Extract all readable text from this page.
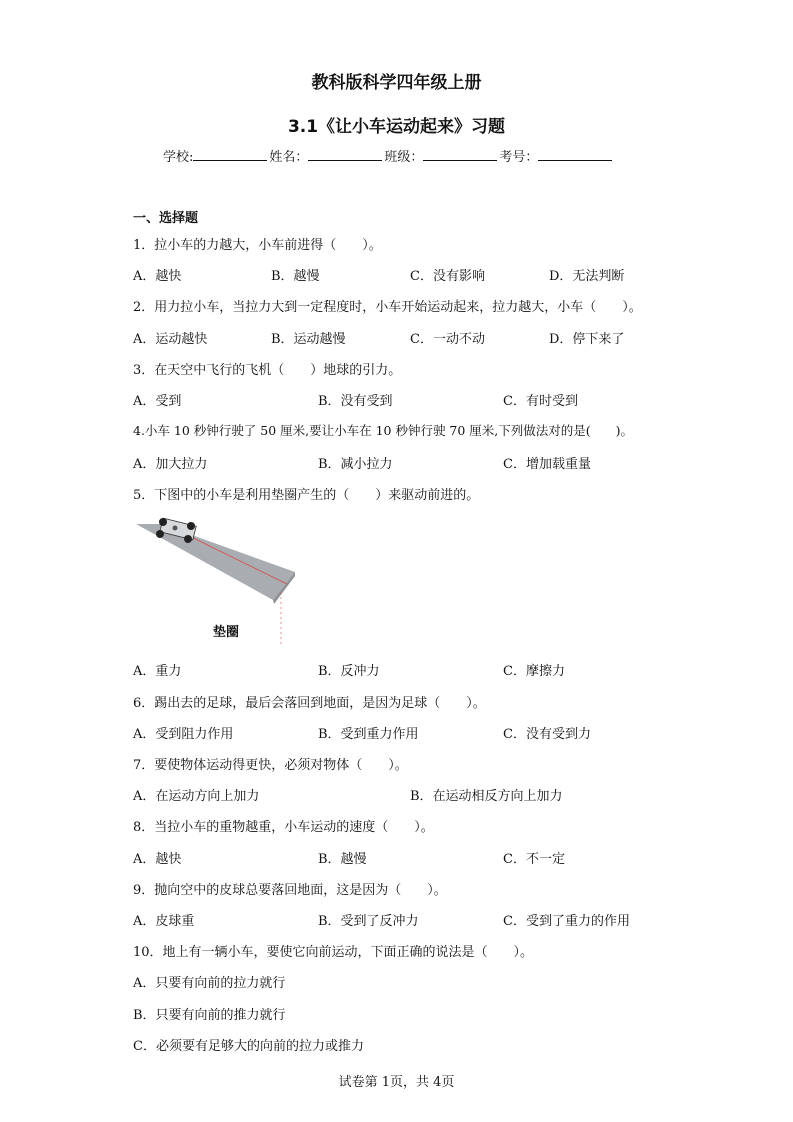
教科版科学四年级上册
3.1《让小车运动起来》习题
学校:	姓名：	班级：	考号：
一、选择题
1．拉小车的力越大，小车前进得（　　）。
A．越快	B．越慢	C．没有影响	D．无法判断
2．用力拉小车，当拉力大到一定程度时，小车开始运动起来，拉力越大，小车（　　）。
A．运动越快	B．运动越慢	C．一动不动	D．停下来了
3．在天空中飞行的飞机（　　）地球的引力。
A．受到	B．没有受到	C．有时受到
4.小车 10 秒钟行驶了 50 厘米,要让小车在 10 秒钟行驶 70 厘米,下列做法对的是(　　)。
A．加大拉力	B．减小拉力	C．增加载重量
5．下图中的小车是利用垫圈产生的（　　）来驱动前进的。
垫圈
A．重力	B．反冲力	C．摩擦力
6．踢出去的足球，最后会落回到地面，是因为足球（　　）。
A．受到阻力作用	B．受到重力作用	C．没有受到力
7．要使物体运动得更快，必须对物体（　　）。
A．在运动方向上加力	B．在运动相反方向上加力
8．当拉小车的重物越重，小车运动的速度（　　）。
A．越快	B．越慢	C．不一定
9．抛向空中的皮球总要落回地面，这是因为（　　）。
A．皮球重	B．受到了反冲力	C．受到了重力的作用
10．地上有一辆小车，要使它向前运动，下面正确的说法是（　　）。
A．只要有向前的拉力就行
B．只要有向前的推力就行
C．必须要有足够大的向前的拉力或推力
试卷第 1页，共 4页
